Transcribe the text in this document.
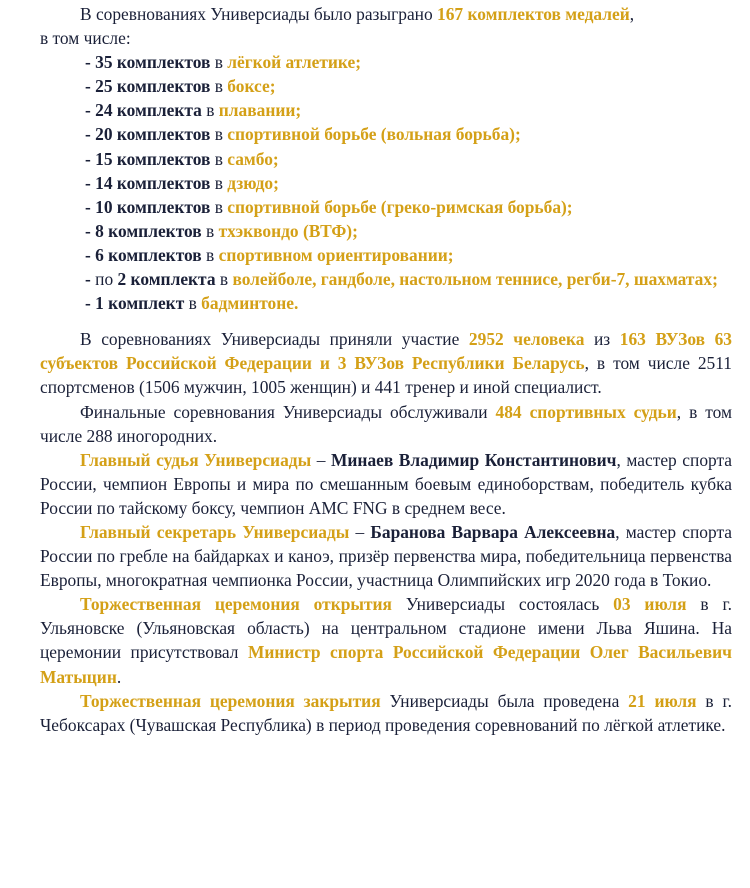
В соревнованиях Универсиады было разыграно 167 комплектов медалей,

в том числе:

- 35 комплектов в лёгкой атлетике;
- 25 комплектов в боксе;
- 24 комплекта в плавании;
- 20 комплектов в спортивной борьбе (вольная борьба);
- 15 комплектов в самбо;
- 14 комплектов в дзюдо;
- 10 комплектов в спортивной борьбе (греко-римская борьба);
- 8 комплектов в тхэквондо (ВТФ);
- 6 комплектов в спортивном ориентировании;
- по 2 комплекта в волейболе, гандболе, настольном теннисе, регби-7, шахматах;
- 1 комплект в бадминтоне.

В соревнованиях Универсиады приняли участие 2952 человека из 163 ВУЗов 63 субъектов Российской Федерации и 3 ВУЗов Республики Беларусь, в том числе 2511 спортсменов (1506 мужчин, 1005 женщин) и 441 тренер и иной специалист.

Финальные соревнования Универсиады обслуживали 484 спортивных судьи, в том числе 288 иногородних.

Главный судья Универсиады – Минаев Владимир Константинович, мастер спорта России, чемпион Европы и мира по смешанным боевым единоборствам, победитель кубка России по тайскому боксу, чемпион AMC FNG в среднем весе.

Главный секретарь Универсиады – Баранова Варвара Алексеевна, мастер спорта России по гребле на байдарках и каноэ, призёр первенства мира, победительница первенства Европы, многократная чемпионка России, участница Олимпийских игр 2020 года в Токио.

Торжественная церемония открытия Универсиады состоялась 03 июля в г. Ульяновске (Ульяновская область) на центральном стадионе имени Льва Яшина. На церемонии присутствовал Министр спорта Российской Федерации Олег Васильевич Матыцин.

Торжественная церемония закрытия Универсиады была проведена 21 июля в г. Чебоксарах (Чувашская Республика) в период проведения соревнований по лёгкой атлетике.
